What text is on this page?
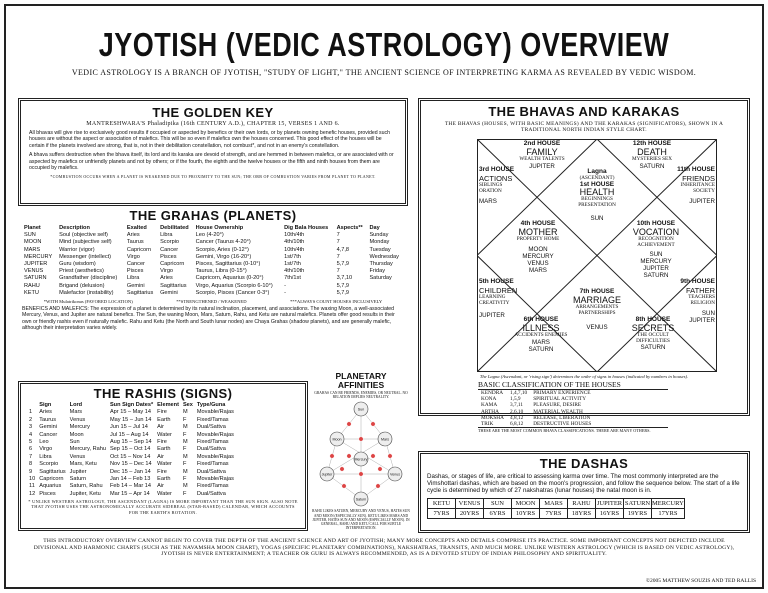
JYOTISH (VEDIC ASTROLOGY) OVERVIEW
VEDIC ASTROLOGY IS A BRANCH OF JYOTISH, "STUDY OF LIGHT," THE ANCIENT SCIENCE OF INTERPRETING KARMA AS REVEALED BY VEDIC WISDOM.
THE GOLDEN KEY
MANTRESHWARA'S Phaladipika (16th CENTURY A.D.), CHAPTER 15, VERSES 1 AND 6.
All bhavas will give rise to exclusively good results if occupied or aspected by benefics or their own lords, or by planets owning benefic houses, provided such houses are without the aspect or association of malefics. This will be so even if malefics own the houses concerned. This good effect of the houses will be certain if the planets involved are strong, that is, not in their debilitation constellation, not combust*, and not in an enemy's constellation.
A bhava suffers destruction when the bhava itself, its lord and its karaka are devoid of strength, and are hemmed in between malefics, or are associated with or aspected by malefics or unfriendly planets and not by others; or if the fourth, the eighth and the twelve houses or the fifth and ninth houses from them are occupied by malefics.
*COMBUSTION OCCURS WHEN A PLANET IS WEAKENED DUE TO PROXIMITY TO THE SUN; THE ORB OF COMBUSTION VARIES FROM PLANET TO PLANET.
THE GRAHAS (PLANETS)
Planet	Description	Exalted	Debilitated	House Ownership	Dig Bala Houses	Aspects**	Day
SUN	Soul (objective self)	Aries	Libra	Leo (4-20°)	10th/4th	7	Sunday
MOON	Mind (subjective self)	Taurus	Scorpio	Cancer (Taurus 4-20°)	4th/10th	7	Monday
MARS	Warrior (vigor)	Capricorn	Cancer	Scorpio, Aries (0-12°)	10th/4th	4,7,8	Tuesday
MERCURY	Messenger (intellect)	Virgo	Pisces	Gemini, Virgo (16-20°)	1st/7th	7	Wednesday
JUPITER	Guru (wisdom)	Cancer	Capricorn	Pisces, Sagittarius (0-10°)	1st/7th	5,7,9	Thursday
VENUS	Priest (aesthetics)	Pisces	Virgo	Taurus, Libra (0-15°)	4th/10th	7	Friday
SATURN	Grandfather (discipline)	Libra	Aries	Capricorn, Aquarius (0-20°)	7th/1st	3,7,10	Saturday
RAHU	Brigand (delusion)	Gemini	Sagittarius	Virgo, Aquarius (Scorpio 6-10°)	-	5,7,9	
KETU	Malefactor (instability)	Sagittarius	Gemini	Scorpio, Pisces (Cancer 0-3°)	-	5,7,9	
*WITH Mulatrikonas (FAVORED LOCATION)	**STRENGTHENED / WEAKENED	***ALWAYS COUNT HOUSES INCLUSIVELY
BENEFICS AND MALEFICS: The expression of a planet is determined by its natural inclination, placement, and associations. The waxing Moon, a well-associated Mercury, Venus, and Jupiter are natural benefics. The Sun, the waning Moon, Mars, Saturn, Rahu, and Ketu are natural malefics. Planets offer good results in their own or friendly rashis even if naturally malefic. Rahu and Ketu (the North and South lunar nodes) are Chaya Grahas (shadow planets), and are generally malefic, although their interpretation varies widely.
THE RASHIS (SIGNS)
	Sign	Lord	Sun Sign Dates*	Element	Sex	Type/Guna
1	Aries	Mars	Apr 15 – May 14	Fire	M	Movable/Rajas
2	Taurus	Venus	May 15 – Jun 14	Earth	F	Fixed/Tamas
3	Gemini	Mercury	Jun 15 – Jul 14	Air	M	Dual/Sattva
4	Cancer	Moon	Jul 15 – Aug 14	Water	F	Movable/Rajas
5	Leo	Sun	Aug 15 – Sep 14	Fire	M	Fixed/Tamas
6	Virgo	Mercury, Rahu	Sep 15 – Oct 14	Earth	F	Dual/Sattva
7	Libra	Venus	Oct 15 – Nov 14	Air	M	Movable/Rajas
8	Scorpio	Mars, Ketu	Nov 15 – Dec 14	Water	F	Fixed/Tamas
9	Sagittarius	Jupiter	Dec 15 – Jan 14	Fire	M	Dual/Sattva
10	Capricorn	Saturn	Jan 14 – Feb 13	Earth	F	Movable/Rajas
11	Aquarius	Saturn, Rahu	Feb 14 – Mar 14	Air	M	Fixed/Tamas
12	Pisces	Jupiter, Ketu	Mar 15 – Apr 14	Water	F	Dual/Sattva
* UNLIKE WESTERN ASTROLOGY, THE ASCENDANT (LAGNA) IS MORE IMPORTANT THAN THE SUN SIGN. ALSO NOTE THAT JYOTISH USES THE ASTRONOMICALLY ACCURATE SIDEREAL (STAR-BASED) CALENDAR, WHICH ACCOUNTS FOR THE EARTH'S ROTATION.
PLANETARY AFFINITIES
GRAHAS CAN BE FRIENDS, ENEMIES, OR NEUTRAL. NO RELATION IMPLIES NEUTRALITY.
Sun
Moon	Mars
Mercury
Jupiter	Venus
Saturn
RAHU LIKES SATURN, MERCURY AND VENUS, HATES SUN AND MOON (ESPECIALLY SUN). KETU LIKES MARS AND JUPITER, HATES SUN AND MOON (ESPECIALLY MOON). IN GENERAL, RAHU AND KETU CALL FOR SUBTLE INTERPRETATION.
THE BHAVAS AND KARAKAS
THE BHAVAS (HOUSES, WITH BASIC MEANINGS) AND THE KARAKAS (SIGNIFICATORS), SHOWN IN A TRADITIONAL NORTH INDIAN STYLE CHART.
Lagna
(ASCENDANT)
1st HOUSE
HEALTH
BEGINNINGS PRESENTATION
SUN
2nd HOUSE
FAMILY
WEALTH TALENTS
JUPITER
3rd HOUSE
ACTIONS
SIBLINGS ORATION
MARS
4th HOUSE
MOTHER
PROPERTY HOME
MOON MERCURY VENUS MARS
5th HOUSE
CHILDREN
LEARNING CREATIVITY
JUPITER
6th HOUSE
ILLNESS
ACCIDENTS ENEMIES
MARS SATURN
7th HOUSE
MARRIAGE
ARRANGEMENTS PARTNERSHIPS
VENUS
8th HOUSE
SECRETS
THE OCCULT DIFFICULTIES
SATURN
9th HOUSE
FATHER
TEACHERS RELIGION
SUN JUPITER
10th HOUSE
VOCATION
RECOGNITION ACHIEVEMENT
SUN MERCURY JUPITER SATURN
11th HOUSE
FRIENDS
INHERITANCE SOCIETY
JUPITER
12th HOUSE
DEATH
MYSTERIES SEX
SATURN
The Lagna (Ascendant, or 'rising sign') determines the order of signs in houses (indicated by numbers in houses).
BASIC CLASSIFICATION OF THE HOUSES
KENDRA	1,4,7,10	PRIMARY EXPERIENCE
KONA	1,5,9	SPIRITUAL ACTIVITY
KAMA	3,7,11	PLEASURE, DESIRE
ARTHA	2,6,10	MATERIAL WEALTH
MOKSHA	4,8,12	RELEASE, LIBERATION
TRIK	6,8,12	DESTRUCTIVE HOUSES
THESE ARE THE MOST COMMON BHAVA CLASSIFICATIONS. THERE ARE MANY OTHERS.
THE DASHAS
Dashas, or stages of life, are critical to assessing karma over time. The most commonly interpreted are the Vimshottari dashas, which are based on the moon's progression, and follow the sequence below. The start of a life cycle is determined by which of 27 nakshatras (lunar houses) the natal moon is in.
KETU	VENUS	SUN	MOON	MARS	RAHU	JUPITER	SATURN	MERCURY
7YRS	20YRS	6YRS	10YRS	7YRS	18YRS	16YRS	19YRS	17YRS
THIS INTRODUCTORY OVERVIEW CANNOT BEGIN TO COVER THE DEPTH OF THE ANCIENT SCIENCE AND ART OF JYOTISH; MANY MORE CONCEPTS AND DETAILS COMPRISE ITS PRACTICE. SOME IMPORTANT CONCEPTS NOT DEPICTED INCLUDE DIVISIONAL AND HARMONIC CHARTS (SUCH AS THE NAVAMSHA MOON CHART), YOGAS (SPECIFIC PLANETARY COMBINATIONS), NAKSHATRAS, TRANSITS, AND MUCH MORE. UNLIKE WESTERN ASTROLOGY (WHICH IS BASED ON VEDIC ASTROLOGY), JYOTISH IS NEVER ENTERTAINMENT; A TEACHER OR GURU IS ALWAYS RECOMMENDED, AS IS A DEVOTED STUDY OF INDIAN PHILOSOPHY AND SPIRITUALITY.
©2005 MATTHEW SOUZIS AND TED RALLIS
